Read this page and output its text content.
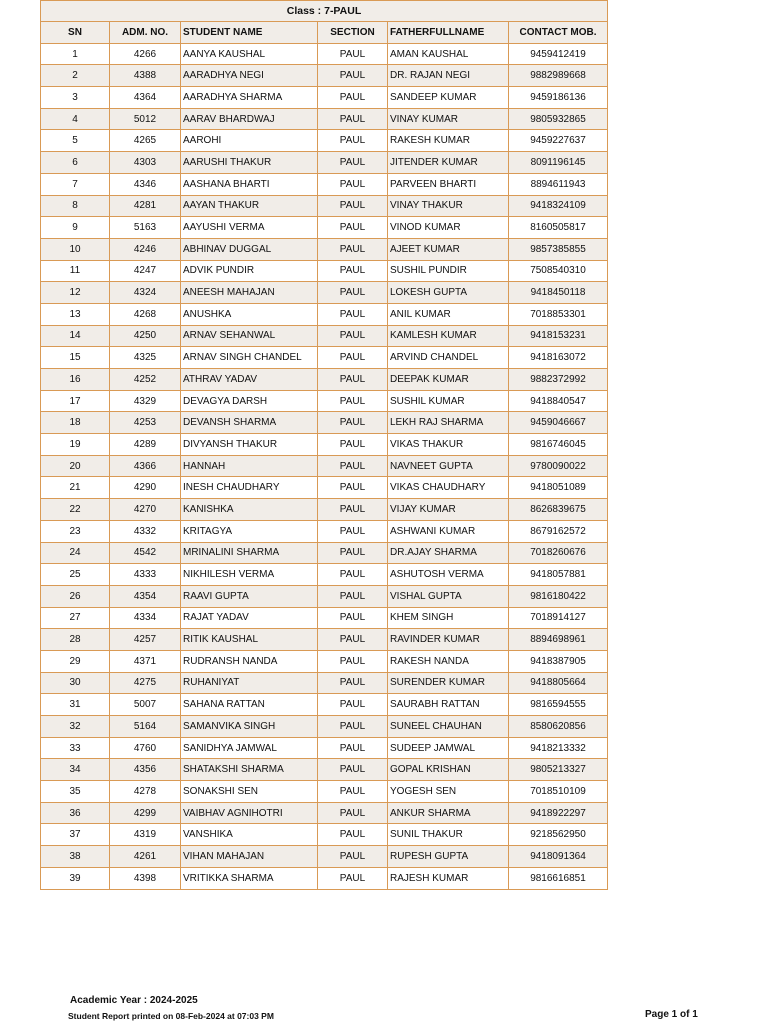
Class : 7-PAUL					
SN	ADM. NO.	STUDENT NAME	SECTION	FATHERFULLNAME	CONTACT MOB.
1	4266	AANYA KAUSHAL	PAUL	AMAN KAUSHAL	9459412419
2	4388	AARADHYA NEGI	PAUL	DR. RAJAN NEGI	9882989668
3	4364	AARADHYA SHARMA	PAUL	SANDEEP KUMAR	9459186136
4	5012	AARAV BHARDWAJ	PAUL	VINAY KUMAR	9805932865
5	4265	AAROHI	PAUL	RAKESH KUMAR	9459227637
6	4303	AARUSHI THAKUR	PAUL	JITENDER KUMAR	8091196145
7	4346	AASHANA BHARTI	PAUL	PARVEEN BHARTI	8894611943
8	4281	AAYAN THAKUR	PAUL	VINAY THAKUR	9418324109
9	5163	AAYUSHI VERMA	PAUL	VINOD KUMAR	8160505817
10	4246	ABHINAV DUGGAL	PAUL	AJEET KUMAR	9857385855
11	4247	ADVIK PUNDIR	PAUL	SUSHIL PUNDIR	7508540310
12	4324	ANEESH MAHAJAN	PAUL	LOKESH GUPTA	9418450118
13	4268	ANUSHKA	PAUL	ANIL KUMAR	7018853301
14	4250	ARNAV SEHANWAL	PAUL	KAMLESH KUMAR	9418153231
15	4325	ARNAV SINGH CHANDEL	PAUL	ARVIND CHANDEL	9418163072
16	4252	ATHRAV YADAV	PAUL	DEEPAK KUMAR	9882372992
17	4329	DEVAGYA DARSH	PAUL	SUSHIL KUMAR	9418840547
18	4253	DEVANSH SHARMA	PAUL	LEKH RAJ SHARMA	9459046667
19	4289	DIVYANSH THAKUR	PAUL	VIKAS THAKUR	9816746045
20	4366	HANNAH	PAUL	NAVNEET GUPTA	9780090022
21	4290	INESH CHAUDHARY	PAUL	VIKAS CHAUDHARY	9418051089
22	4270	KANISHKA	PAUL	VIJAY KUMAR	8626839675
23	4332	KRITAGYA	PAUL	ASHWANI KUMAR	8679162572
24	4542	MRINALINI SHARMA	PAUL	DR.AJAY SHARMA	7018260676
25	4333	NIKHILESH VERMA	PAUL	ASHUTOSH VERMA	9418057881
26	4354	RAAVI GUPTA	PAUL	VISHAL GUPTA	9816180422
27	4334	RAJAT YADAV	PAUL	KHEM SINGH	7018914127
28	4257	RITIK KAUSHAL	PAUL	RAVINDER KUMAR	8894698961
29	4371	RUDRANSH NANDA	PAUL	RAKESH NANDA	9418387905
30	4275	RUHANIYAT	PAUL	SURENDER KUMAR	9418805664
31	5007	SAHANA RATTAN	PAUL	SAURABH RATTAN	9816594555
32	5164	SAMANVIKA SINGH	PAUL	SUNEEL CHAUHAN	8580620856
33	4760	SANIDHYA JAMWAL	PAUL	SUDEEP JAMWAL	9418213332
34	4356	SHATAKSHI SHARMA	PAUL	GOPAL KRISHAN	9805213327
35	4278	SONAKSHI SEN	PAUL	YOGESH SEN	7018510109
36	4299	VAIBHAV AGNIHOTRI	PAUL	ANKUR SHARMA	9418922297
37	4319	VANSHIKA	PAUL	SUNIL THAKUR	9218562950
38	4261	VIHAN MAHAJAN	PAUL	RUPESH GUPTA	9418091364
39	4398	VRITIKKA SHARMA	PAUL	RAJESH KUMAR	9816616851
Academic Year : 2024-2025
Student Report printed on 08-Feb-2024 at 07:03 PM	Page 1 of 1
